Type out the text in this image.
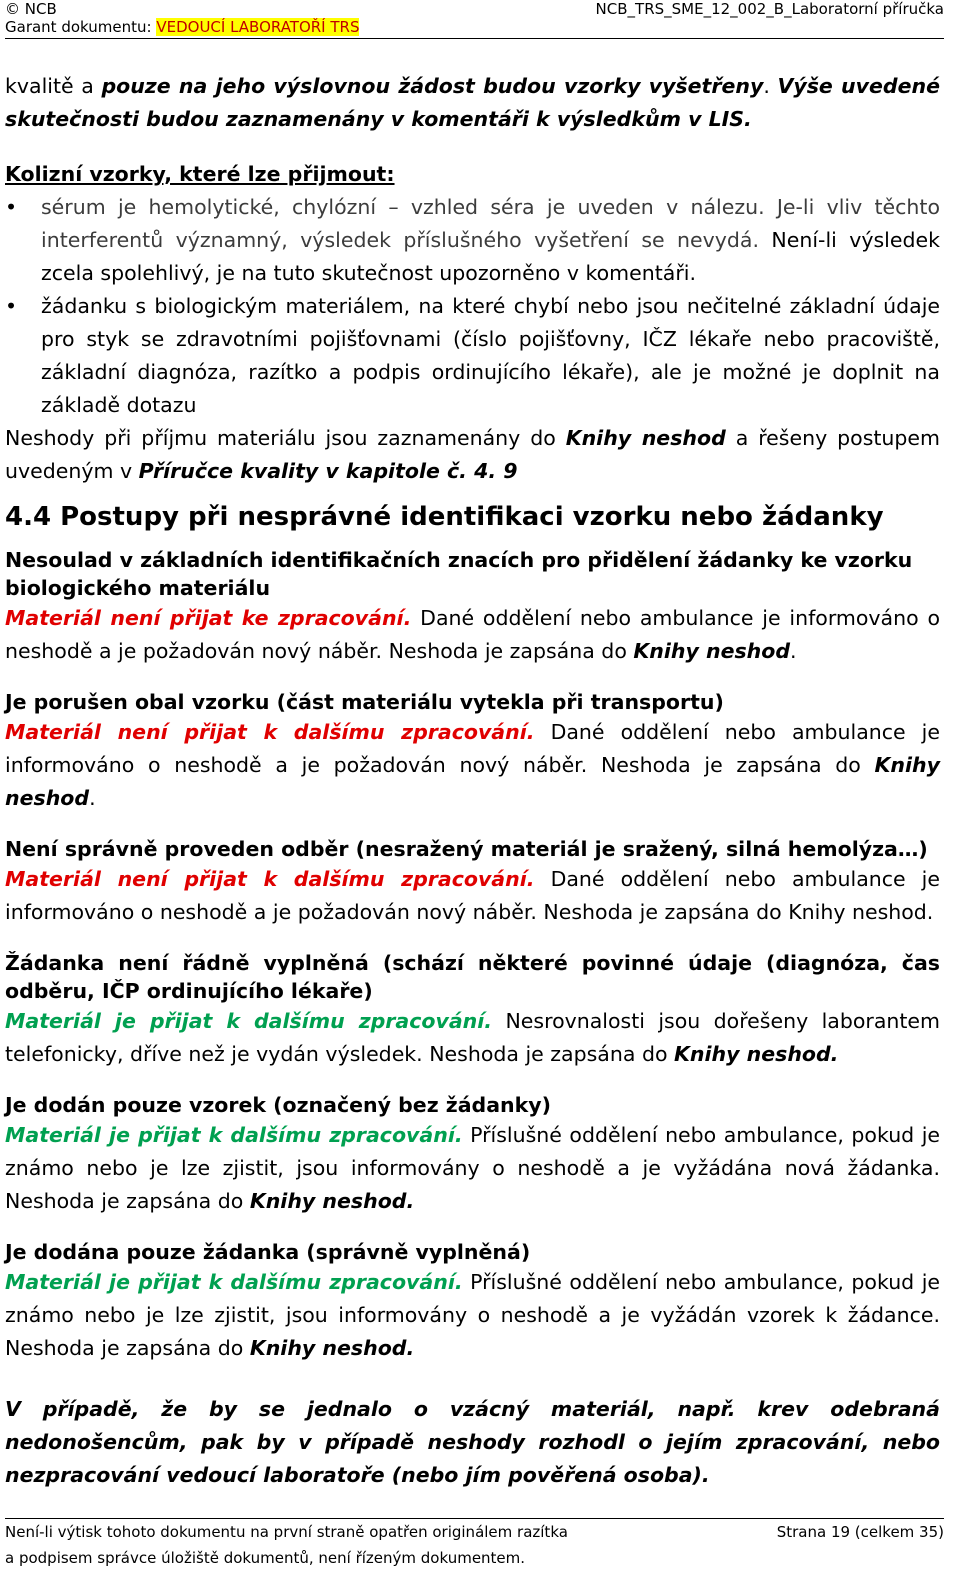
© NCB	NCB_TRS_SME_12_002_B_Laboratorní příručka
Garant dokumentu: VEDOUCÍ LABORATOŘÍ TRS

kvalitě a pouze na jeho výslovnou žádost budou vzorky vyšetřeny. Výše uvedené skutečnosti budou zaznamenány v komentáři k výsledkům v LIS.

Kolizní vzorky, které lze přijmout:
• sérum je hemolytické, chylózní – vzhled séra je uveden v nálezu. Je-li vliv těchto interferentů významný, výsledek příslušného vyšetření se nevydá. Není-li výsledek zcela spolehlivý, je na tuto skutečnost upozorněno v komentáři.
• žádanku s biologickým materiálem, na které chybí nebo jsou nečitelné základní údaje pro styk se zdravotními pojišťovnami (číslo pojišťovny, IČZ lékaře nebo pracoviště, základní diagnóza, razítko a podpis ordinujícího lékaře), ale je možné je doplnit na základě dotazu

Neshody při příjmu materiálu jsou zaznamenány do Knihy neshod a řešeny postupem uvedeným v Příručce kvality v kapitole č. 4. 9

4.4 Postupy při nesprávné identifikaci vzorku nebo žádanky
Nesoulad v základních identifikačních znacích pro přidělení žádanky ke vzorku biologického materiálu

Materiál není přijat ke zpracování. Dané oddělení nebo ambulance je informováno o neshodě a je požadován nový náběr. Neshoda je zapsána do Knihy neshod.

Je porušen obal vzorku (část materiálu vytekla při transportu)

Materiál není přijat k dalšímu zpracování. Dané oddělení nebo ambulance je informováno o neshodě a je požadován nový náběr. Neshoda je zapsána do Knihy neshod.

Není správně proveden odběr (nesražený materiál je sražený, silná hemolýza…)

Materiál není přijat k dalšímu zpracování. Dané oddělení nebo ambulance je informováno o neshodě a je požadován nový náběr. Neshoda je zapsána do Knihy neshod.

Žádanka není řádně vyplněná (schází některé povinné údaje (diagnóza, čas odběru, IČP ordinujícího lékaře)

Materiál je přijat k dalšímu zpracování. Nesrovnalosti jsou dořešeny laborantem telefonicky, dříve než je vydán výsledek. Neshoda je zapsána do Knihy neshod.

Je dodán pouze vzorek (označený bez žádanky)

Materiál je přijat k dalšímu zpracování. Příslušné oddělení nebo ambulance, pokud je známo nebo je lze zjistit, jsou informovány o neshodě a je vyžádána nová žádanka. Neshoda je zapsána do Knihy neshod.

Je dodána pouze žádanka (správně vyplněná)

Materiál je přijat k dalšímu zpracování. Příslušné oddělení nebo ambulance, pokud je známo nebo je lze zjistit, jsou informovány o neshodě a je vyžádán vzorek k žádance. Neshoda je zapsána do Knihy neshod.

V případě, že by se jednalo o vzácný materiál, např. krev odebraná nedonošencům, pak by v případě neshody rozhodl o jejím zpracování, nebo nezpracování vedoucí laboratoře (nebo jím pověřená osoba).

Není-li výtisk tohoto dokumentu na první straně opatřen originálem razítka
a podpisem správce úložiště dokumentů, není řízeným dokumentem.
Strana 19 (celkem 35)
